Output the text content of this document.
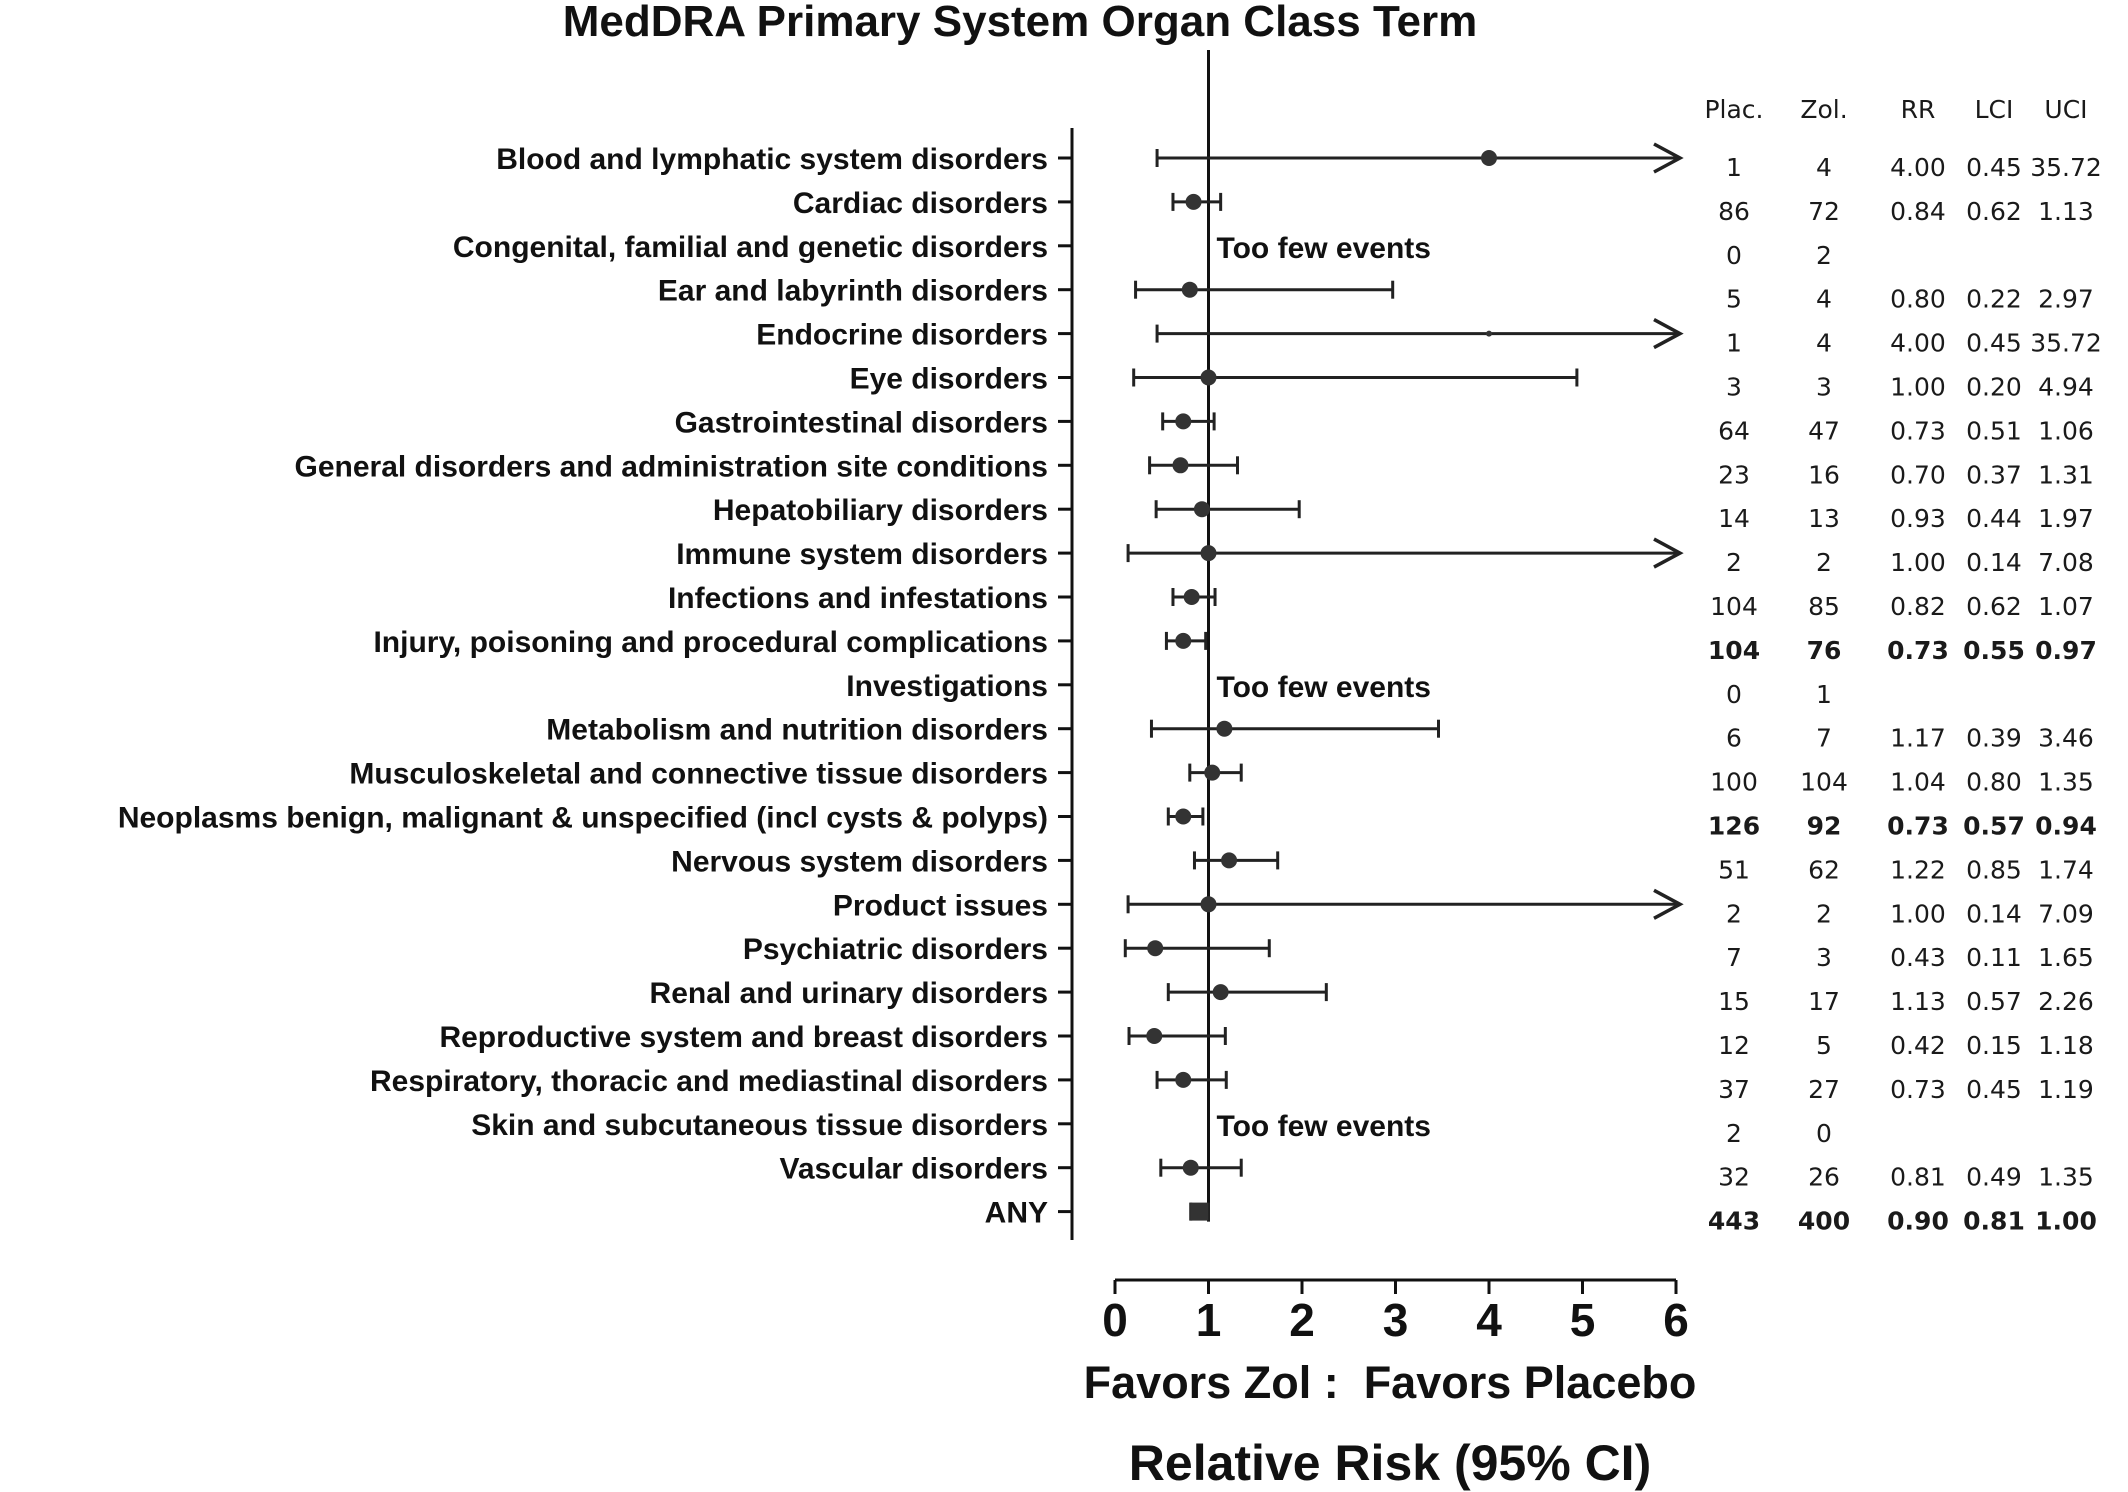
MedDRA Primary System Organ Class Term
Plac. Zol. RR LCI UCI
Blood and lymphatic system disorders	1	4 4.00 0.45 35.72
Cardiac disorders	86 72 0.84 0.62 1.13
Congenital, familial and genetic disorders	0	2
Too few events
Ear and labyrinth disorders	5	4 0.80 0.22 2.97
Endocrine disorders	1	4 4.00 0.45 35.72
Eye disorders	3	3 1.00 0.20 4.94
Gastrointestinal disorders	64 47 0.73 0.51 1.06
General disorders and administration site conditions	23 16 0.70 0.37 1.31
Hepatobiliary disorders	14 13 0.93 0.44 1.97
Immune system disorders	2	2 1.00 0.14 7.08
Infections and infestations	104 85 0.82 0.62 1.07
Injury, poisoning and procedural complications	104 76 0.73 0.55 0.97
Investigations	0	1
Too few events
Metabolism and nutrition disorders	6	7 1.17 0.39 3.46
Musculoskeletal and connective tissue disorders	100 104 1.04 0.80 1.35
Neoplasms benign, malignant & unspecified (incl cysts & polyps)	126 92 0.73 0.57 0.94
Nervous system disorders	51 62 1.22 0.85 1.74
Product issues	2	2 1.00 0.14 7.09
Psychiatric disorders	7	3 0.43 0.11 1.65
Renal and urinary disorders	15 17 1.13 0.57 2.26
Reproductive system and breast disorders	12	5 0.42 0.15 1.18
Respiratory, thoracic and mediastinal disorders	37 27 0.73 0.45 1.19
Skin and subcutaneous tissue disorders	2	0
Too few events
Vascular disorders	32 26 0.81 0.49 1.35
ANY	443 400 0.90 0.81 1.00
0 1 2 3 4 5 6
Favors Zol :  Favors Placebo
Relative Risk (95% CI)
